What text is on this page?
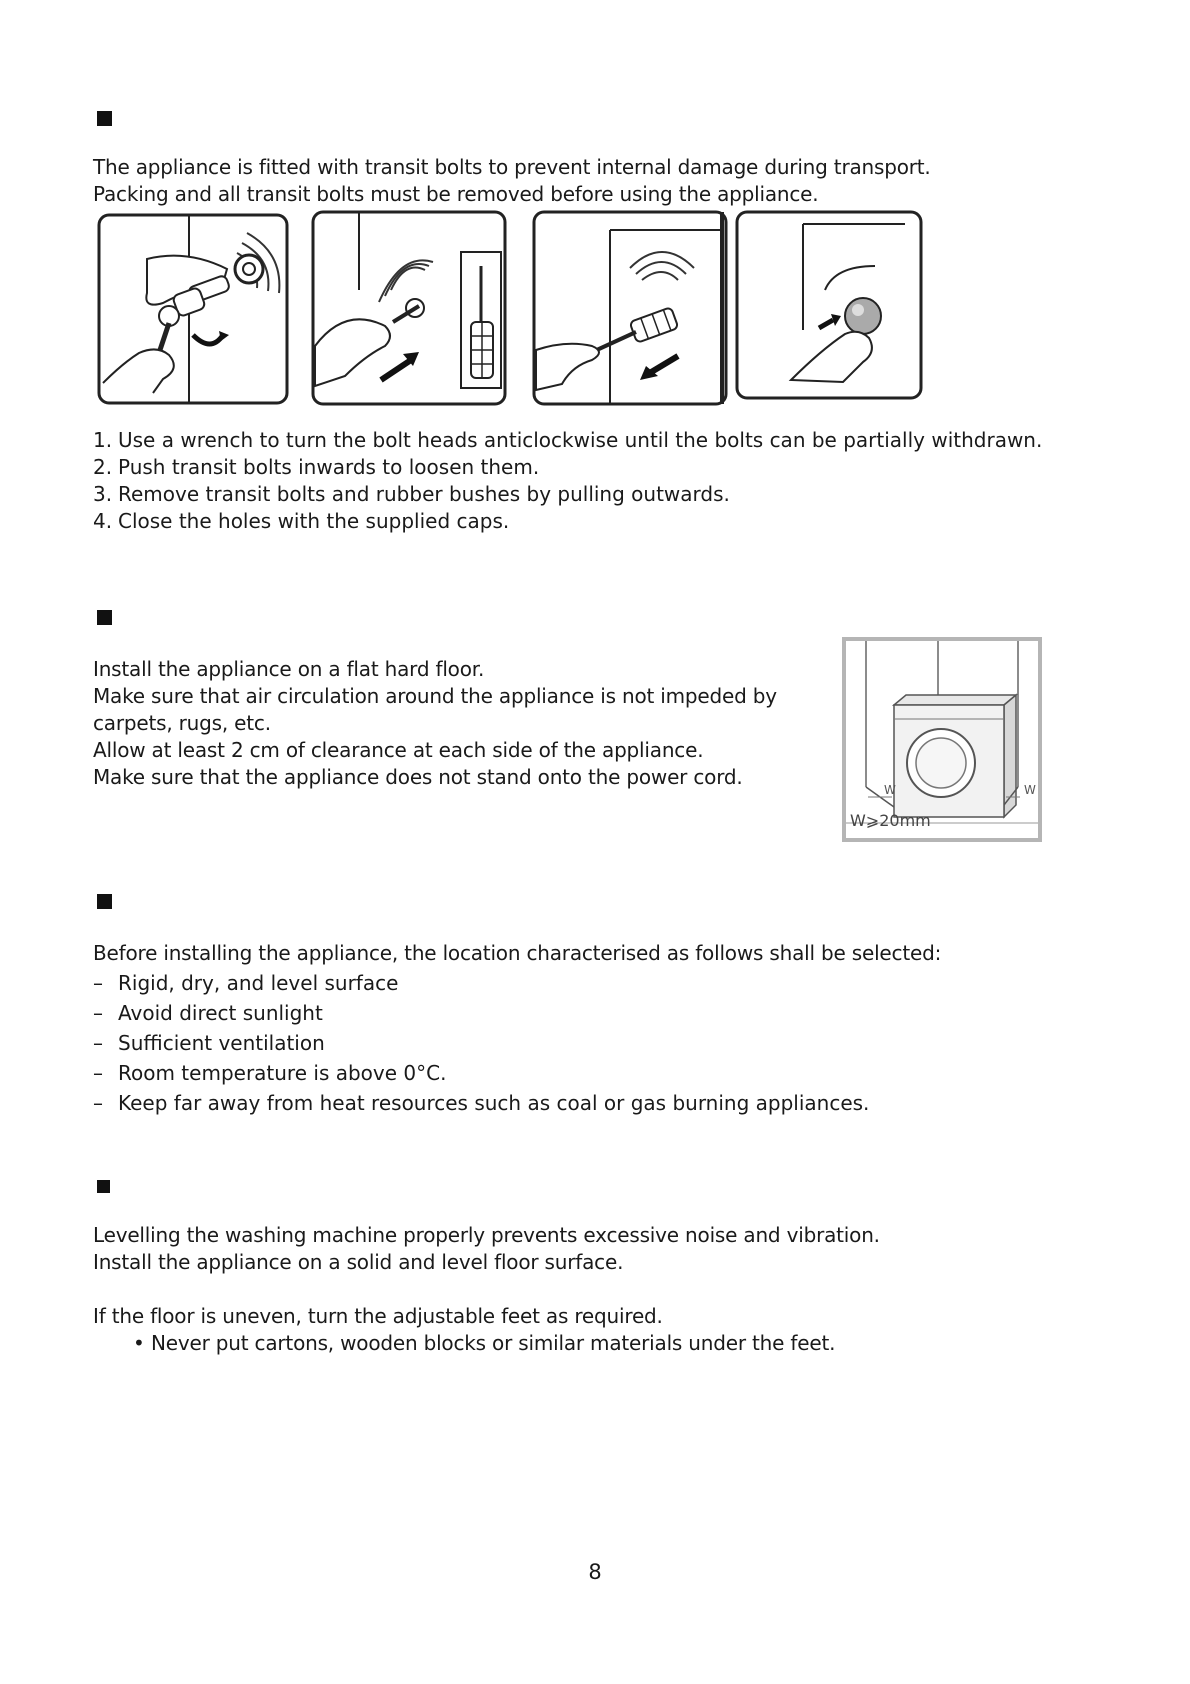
The appliance is fitted with transit bolts to prevent internal damage during transport.
Packing and all transit bolts must be removed before using the appliance.
1. Use a wrench to turn the bolt heads anticlockwise until the bolts can be partially withdrawn.
2. Push transit bolts inwards to loosen them.
3. Remove transit bolts and rubber bushes by pulling outwards.
4. Close the holes with the supplied caps.
Install the appliance on a flat hard floor.
Make sure that air circulation around the appliance is not impeded by
carpets, rugs, etc.
Allow at least 2 cm of clearance at each side of the appliance.
Make sure that the appliance does not stand onto the power cord.
W	W
W⩾20mm
Before installing the appliance, the location characterised as follows shall be selected:
– Rigid, dry, and level surface
– Avoid direct sunlight
– Sufficient ventilation
– Room temperature is above 0°C.
– Keep far away from heat resources such as coal or gas burning appliances.
Levelling the washing machine properly prevents excessive noise and vibration.
Install the appliance on a solid and level floor surface.
If the floor is uneven, turn the adjustable feet as required.
• Never put cartons, wooden blocks or similar materials under the feet.
8
